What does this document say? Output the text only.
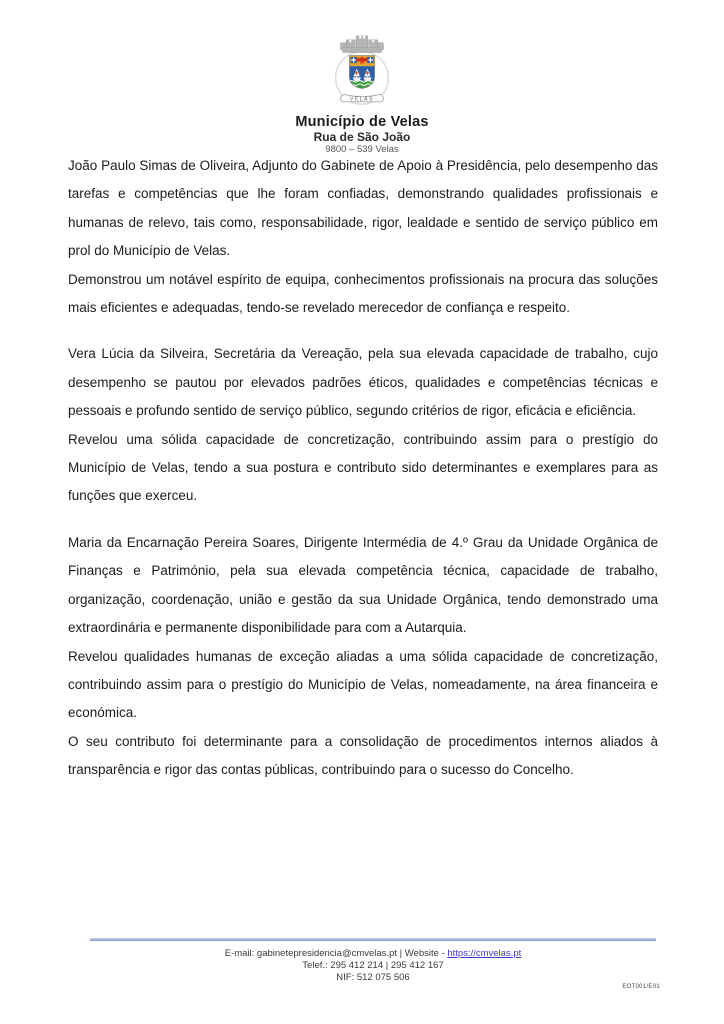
VELAS
Município de Velas
Rua de São João
9800 – 539 Velas

João Paulo Simas de Oliveira, Adjunto do Gabinete de Apoio à Presidência, pelo desempenho das tarefas e competências que lhe foram confiadas, demonstrando qualidades profissionais e humanas de relevo, tais como, responsabilidade, rigor, lealdade e sentido de serviço público em prol do Município de Velas.

Demonstrou um notável espírito de equipa, conhecimentos profissionais na procura das soluções mais eficientes e adequadas, tendo-se revelado merecedor de confiança e respeito.

Vera Lúcia da Silveira, Secretária da Vereação, pela sua elevada capacidade de trabalho, cujo desempenho se pautou por elevados padrões éticos, qualidades e competências técnicas e pessoais e profundo sentido de serviço público, segundo critérios de rigor, eficácia e eficiência.

Revelou uma sólida capacidade de concretização, contribuindo assim para o prestígio do Município de Velas, tendo a sua postura e contributo sido determinantes e exemplares para as funções que exerceu.

Maria da Encarnação Pereira Soares, Dirigente Intermédia de 4.º Grau da Unidade Orgânica de Finanças e Património, pela sua elevada competência técnica, capacidade de trabalho, organização, coordenação, união e gestão da sua Unidade Orgânica, tendo demonstrado uma extraordinária e permanente disponibilidade para com a Autarquia.

Revelou qualidades humanas de exceção aliadas a uma sólida capacidade de concretização, contribuindo assim para o prestígio do Município de Velas, nomeadamente, na área financeira e económica.

O seu contributo foi determinante para a consolidação de procedimentos internos aliados à transparência e rigor das contas públicas, contribuindo para o sucesso do Concelho.

E-mail: gabinetepresidencia@cmvelas.pt | Website - https://cmvelas.pt
Telef.: 295 412 214 | 295 412 167
NIF: 512 075 506
EOT001/E01
